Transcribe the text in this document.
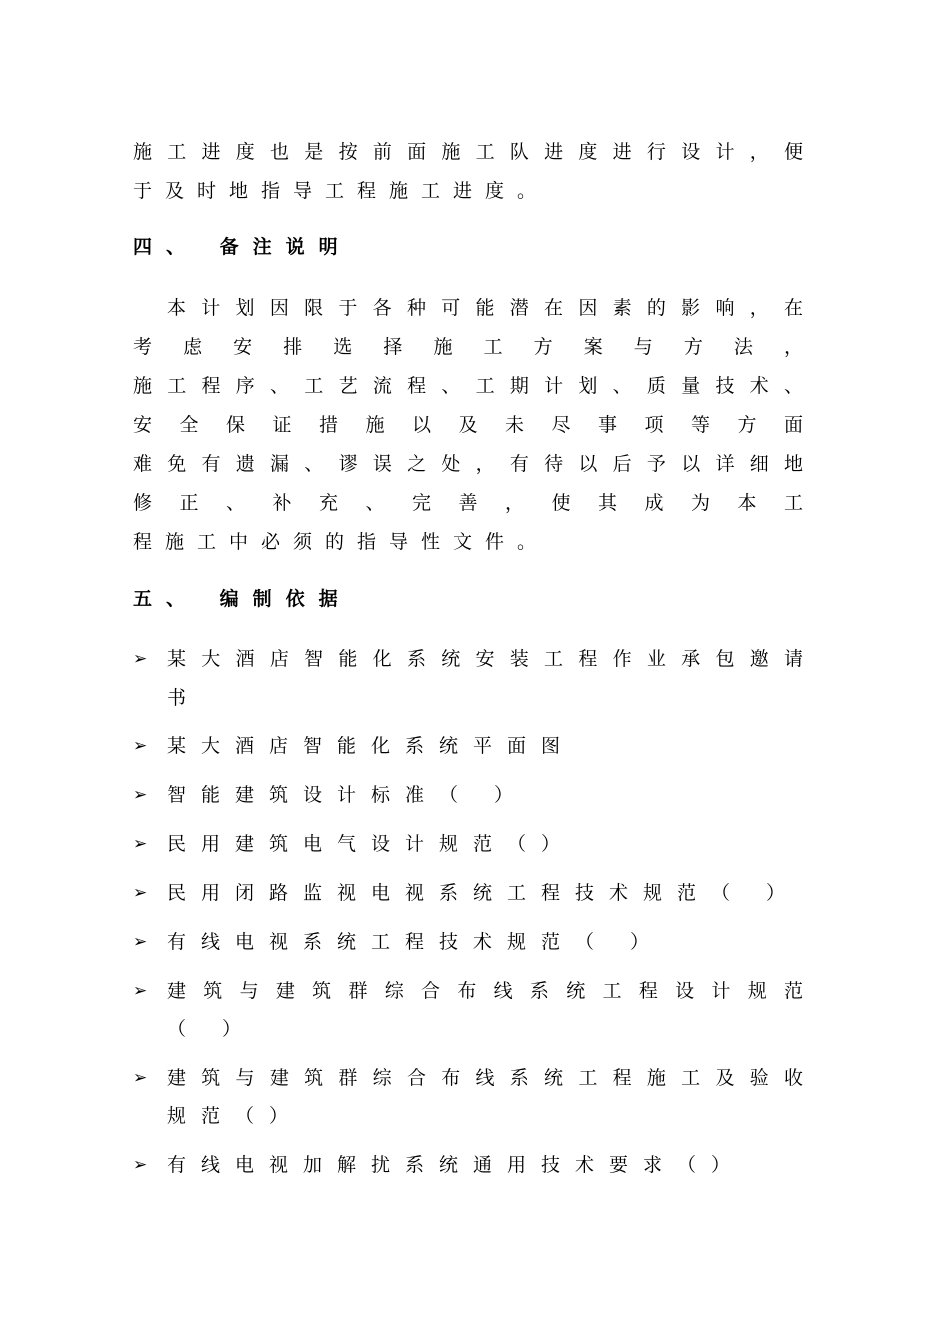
施 工 进 度 也 是 按 前 面 施 工 队 进 度 进 行 设 计 ， 便
于及时地指导工程施工进度。
四、 备注说明
本 计 划 因 限 于 各 种 可 能 潜 在 因 素 的 影 响 ， 在
考 虑 安 排 选 择 施 工 方 案 与 方 法 ，
施 工 程 序 、 工 艺 流 程 、 工 期 计 划 、 质 量 技 术 、
安 全 保 证 措 施 以 及 未 尽 事 项 等 方 面
难 免 有 遗 漏 、 谬 误 之 处 ， 有 待 以 后 予 以 详 细 地
修 正 、 补 充 、 完 善 ， 使 其 成 为 本 工
程施工中必须的指导性文件。
五、 编制依据
➢ 某 大 酒 店 智 能 化 系 统 安 装 工 程 作 业 承 包 邀 请
书
➢ 某大酒店智能化系统平面图
➢ 智能建筑设计标准（ ）
➢ 民用建筑电气设计规范（）
➢ 民用闭路监视电视系统工程技术规范（ ）
➢ 有线电视系统工程技术规范（ ）
➢ 建 筑 与 建 筑 群 综 合 布 线 系 统 工 程 设 计 规 范
（ ）
➢ 建 筑 与 建 筑 群 综 合 布 线 系 统 工 程 施 工 及 验 收
规范（）
➢ 有线电视加解扰系统通用技术要求（）
